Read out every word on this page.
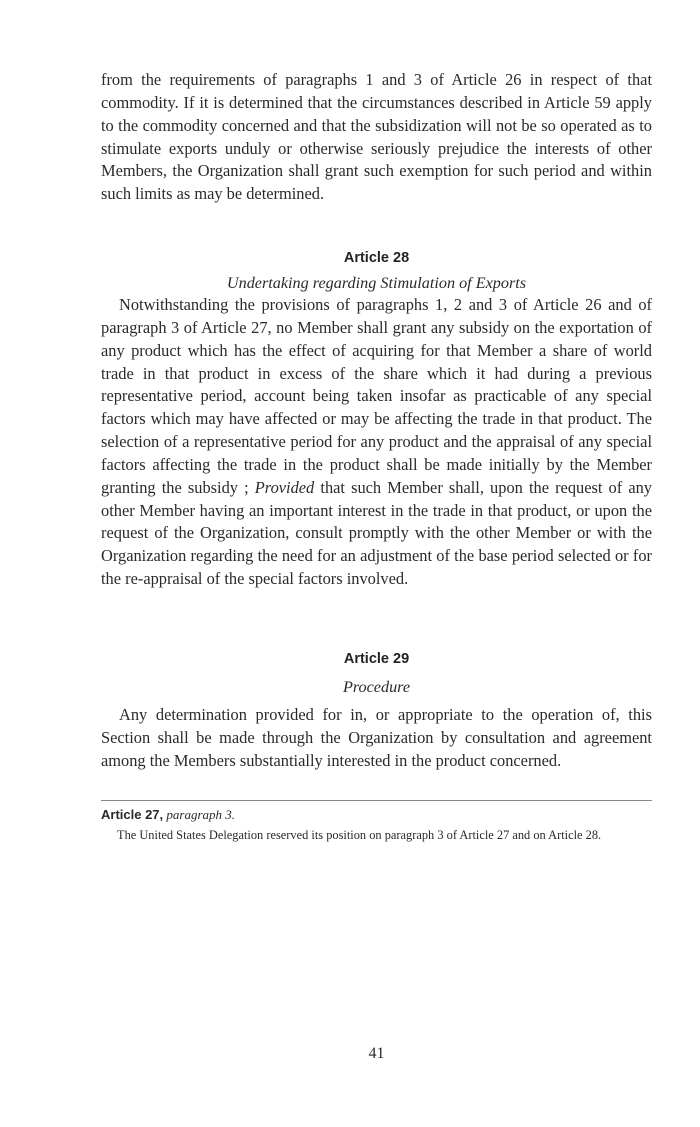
from the requirements of paragraphs 1 and 3 of Article 26 in respect of that commodity. If it is determined that the circumstances described in Article 59 apply to the commodity concerned and that the subsidization will not be so operated as to stimulate exports unduly or otherwise seriously prejudice the interests of other Members, the Organization shall grant such exemption for such period and within such limits as may be determined.

Article 28

Undertaking regarding Stimulation of Exports

Notwithstanding the provisions of paragraphs 1, 2 and 3 of Article 26 and of paragraph 3 of Article 27, no Member shall grant any subsidy on the exportation of any product which has the effect of acquiring for that Member a share of world trade in that product in excess of the share which it had during a previous representative period, account being taken insofar as practicable of any special factors which may have affected or may be affecting the trade in that product. The selection of a representative period for any product and the appraisal of any special factors affecting the trade in the product shall be made initially by the Member granting the subsidy ; Provided that such Member shall, upon the request of any other Member having an important interest in the trade in that product, or upon the request of the Organization, consult promptly with the other Member or with the Organization regarding the need for an adjustment of the base period selected or for the re-appraisal of the special factors involved.

Article 29

Procedure

Any determination provided for in, or appropriate to the operation of, this Section shall be made through the Organization by consultation and agreement among the Members substantially interested in the product concerned.

Article 27, paragraph 3.

The United States Delegation reserved its position on paragraph 3 of Article 27 and on Article 28.

41
